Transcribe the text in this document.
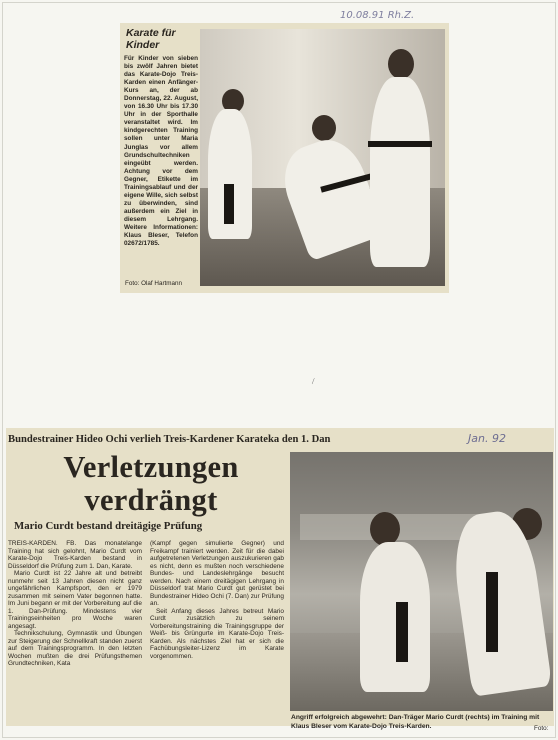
10.08.91 Rh.Z.
Karate für Kinder
Für Kinder von sieben bis zwölf Jahren bietet das Karate-Dojo Treis-Karden einen Anfänger-Kurs an, der ab Donnerstag, 22. August, von 16.30 Uhr bis 17.30 Uhr in der Sporthalle veranstaltet wird. Im kindgerechten Training sollen unter Maria Junglas vor allem Grundschultechniken eingeübt werden. Achtung vor dem Gegner, Etikette im Trainingsablauf und der eigene Wille, sich selbst zu überwinden, sind außerdem ein Ziel in diesem Lehrgang. Weitere Informationen: Klaus Bleser, Telefon 02672/1785.
Foto: Olaf Hartmann
\
Bundestrainer Hideo Ochi verlieh Treis-Kardener Karateka den 1. Dan	Jan. 92
Verletzungen
verdrängt
Mario Curdt bestand dreitägige Prüfung

TREIS-KARDEN. FB. Das monatelange Training hat sich gelohnt, Mario Curdt vom Karate-Dojo Treis-Karden bestand in Düsseldorf die Prüfung zum 1. Dan, Karate.

Mario Curdt ist 22 Jahre alt und betreibt nunmehr seit 13 Jahren diesen nicht ganz ungefährlichen Kampfsport, den er 1979 zusammen mit seinem Vater begonnen hatte. Im Juni begann er mit der Vorbereitung auf die 1. Dan-Prüfung. Mindestens vier Trainingseinheiten pro Woche waren angesagt.

Technikschulung, Gymnastik und Übungen zur Steigerung der Schnellkraft standen zuerst auf dem Trainingsprogramm. In den letzten Wochen mußten die drei Prüfungsthemen Grundtechniken, Kata

(Kampf gegen simulierte Gegner) und Freikampf trainiert werden. Zeit für die dabei aufgetretenen Verletzungen auszukurieren gab es nicht, denn es mußten noch verschiedene Bundes- und Landeslehrgänge besucht werden. Nach einem dreitägigen Lehrgang in Düsseldorf trat Mario Curdt gut gerüstet bei Bundestrainer Hideo Ochi (7. Dan) zur Prüfung an.

Seit Anfang dieses Jahres betreut Mario Curdt zusätzlich zu seinem Vorbereitungstraining die Trainingsgruppe der Weiß- bis Grüngurte im Karate-Dojo Treis-Karden. Als nächstes Ziel hat er sich die Fachübungsleiter-Lizenz im Karate vorgenommen.

Angriff erfolgreich abgewehrt: Dan-Träger Mario Curdt (rechts) im Training mit Klaus Bleser vom Karate-Dojo Treis-Karden.	Foto:
